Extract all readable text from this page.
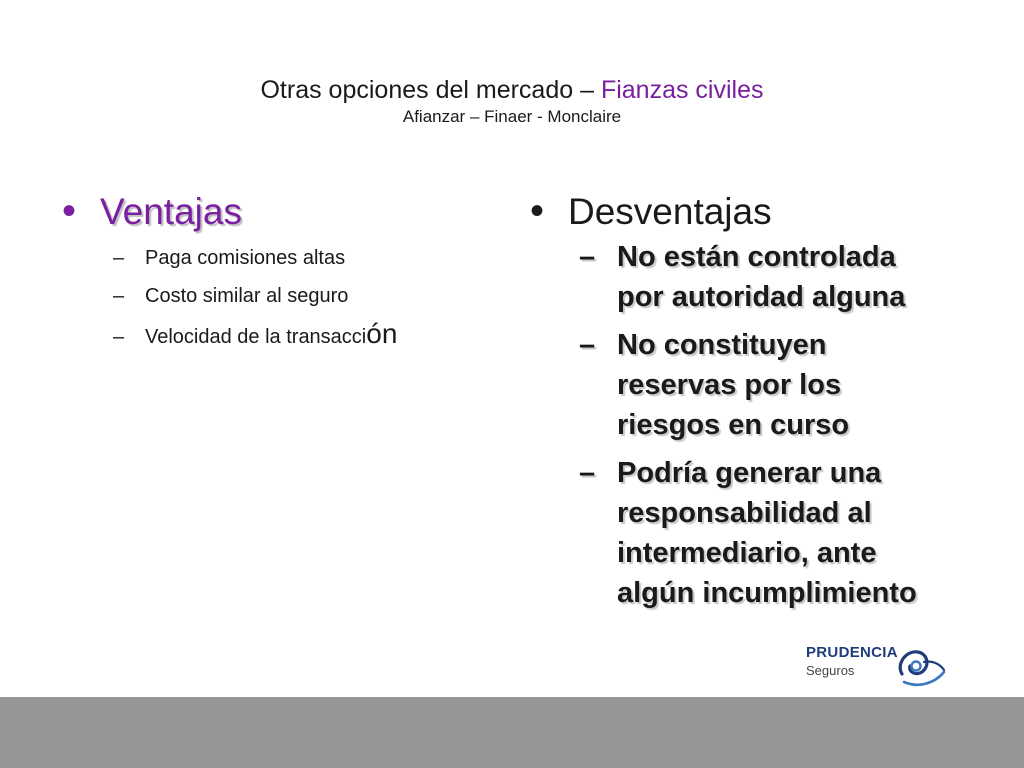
Otras opciones del mercado – Fianzas civiles
Afianzar – Finaer - Monclaire
• Ventajas
–	Paga comisiones altas
–	Costo similar al seguro
–	Velocidad de la transacción
• Desventajas
– No están controlada por autoridad alguna
– No constituyen reservas por los riesgos en curso
– Podría generar una responsabilidad al intermediario, ante algún incumplimiento
PRUDENCIA
Seguros
